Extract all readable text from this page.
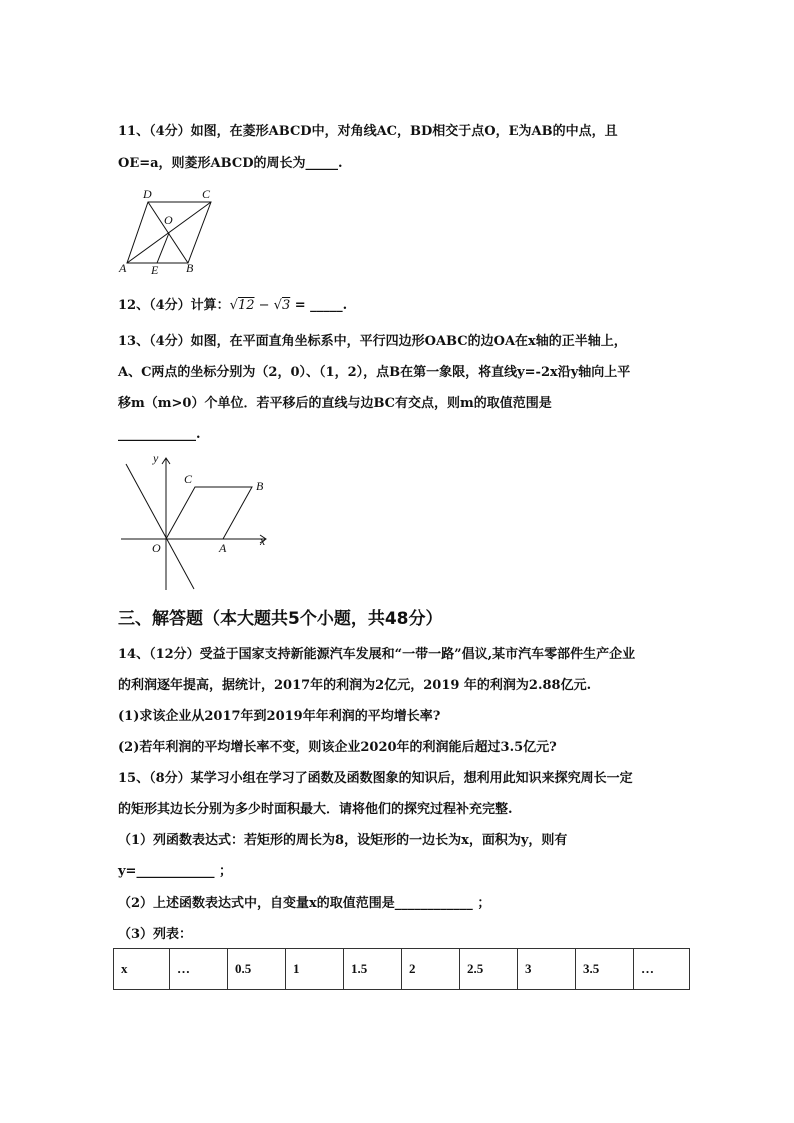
11、（4分）如图，在菱形ABCD中，对角线AC，BD相交于点O，E为AB的中点，且
OE=a，则菱形ABCD的周长为_____.
D	C
O
A E B
12、（4分）计算：√12 − √3 = _____.
13、（4分）如图，在平面直角坐标系中，平行四边形OABC的边OA在x轴的正半轴上，
A、C两点的坐标分别为（2，0）、（1，2），点B在第一象限，将直线y=-2x沿y轴向上平
移m（m>0）个单位．若平移后的直线与边BC有交点，则m的取值范围是
____________.
y
C	B
O	A	x
三、解答题（本大题共5个小题，共48分）
14、（12分）受益于国家支持新能源汽车发展和“一带一路”倡议,某市汽车零部件生产企业
的利润逐年提高，据统计，2017年的利润为2亿元，2019 年的利润为2.88亿元.
(1)求该企业从2017年到2019年年利润的平均增长率?
(2)若年利润的平均增长率不变，则该企业2020年的利润能后超过3.5亿元?
15、（8分）某学习小组在学习了函数及函数图象的知识后，想利用此知识来探究周长一定
的矩形其边长分别为多少时面积最大．请将他们的探究过程补充完整.
（1）列函数表达式：若矩形的周长为8，设矩形的一边长为x，面积为y，则有
y=____________ ；
（2）上述函数表达式中，自变量x的取值范围是____________ ；
（3）列表：
x	…	0.5	1	1.5	2	2.5	3	3.5	…
